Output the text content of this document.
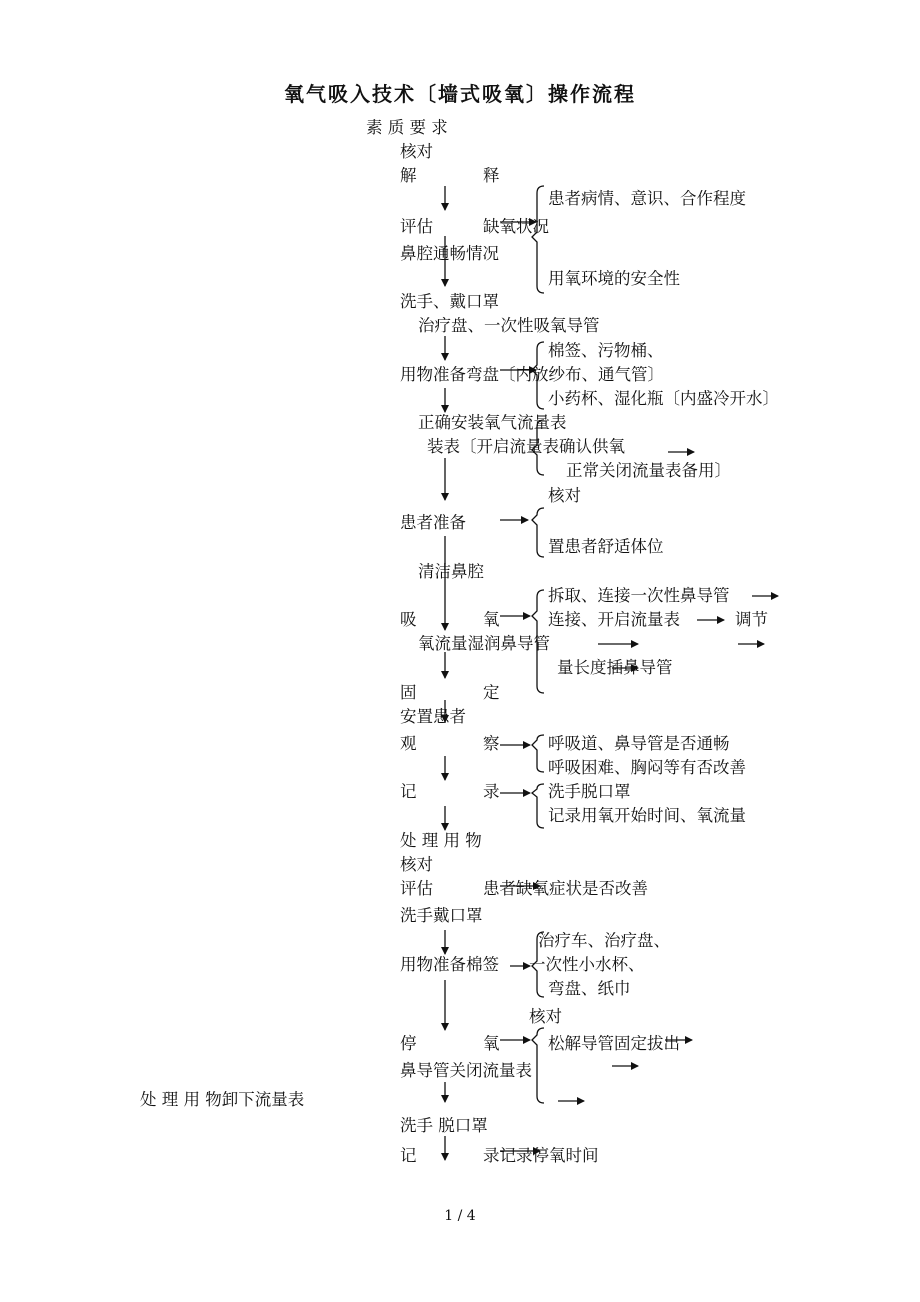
氧气吸入技术〔墙式吸氧〕操作流程
素 质 要 求
核对
解	释
患者病情、意识、合作程度
评估	缺氧状况
鼻腔通畅情况
用氧环境的安全性
洗手、戴口罩
治疗盘、一次性吸氧导管
棉签、污物桶、
用物准备弯盘〔内放纱布、通气管〕
小药杯、湿化瓶〔内盛冷开水〕
正确安装氧气流量表
装表〔开启流量表确认供氧
正常关闭流量表备用〕
核对
患者准备
置患者舒适体位
清洁鼻腔
拆取、连接一次性鼻导管
吸	氧	连接、开启流量表	调节
氧流量湿润鼻导管
量长度插鼻导管
固	定
安置患者
呼吸道、鼻导管是否通畅
观	察
呼吸困难、胸闷等有否改善
记	录	洗手脱口罩
记录用氧开始时间、氧流量
处 理 用 物
核对
评估	患者缺氧症状是否改善
洗手戴口罩
治疗车、治疗盘、
用物准备棉签 一次性小水杯、
弯盘、纸巾
核对
停	氧	松解导管固定拔出
鼻导管关闭流量表
处 理 用 物卸下流量表
洗手 脱口罩
记	录记录停氧时间
1 / 4
